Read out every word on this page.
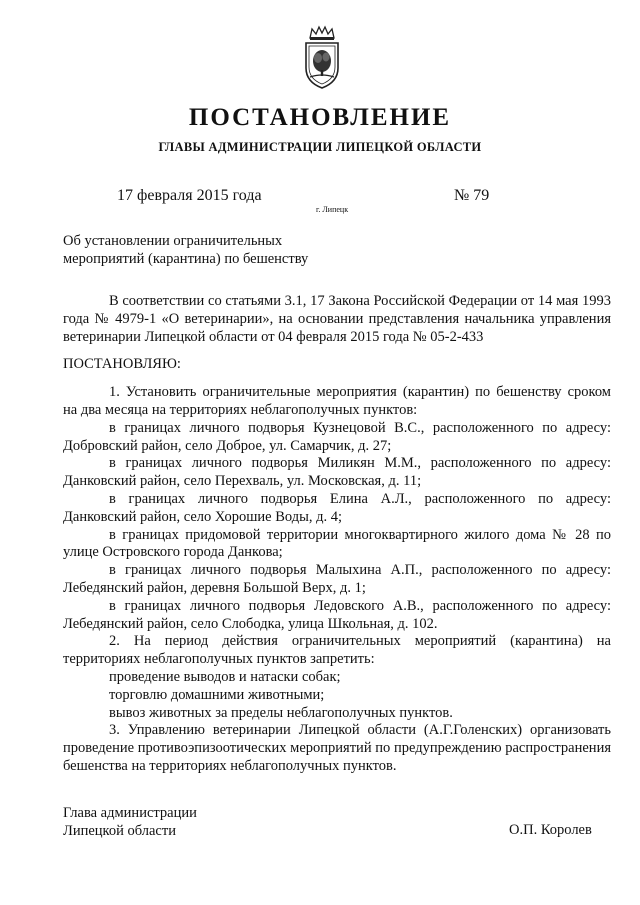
ПОСТАНОВЛЕНИЕ
ГЛАВЫ АДМИНИСТРАЦИИ ЛИПЕЦКОЙ ОБЛАСТИ
17 февраля 2015 года
г. Липецк
№ 79
Об установлении ограничительных
мероприятий (карантина) по бешенству

В соответствии со статьями 3.1, 17 Закона Российской Федерации от 14 мая 1993 года № 4979-1 «О ветеринарии», на основании представления начальника управления ветеринарии Липецкой области от 04 февраля 2015 года № 05-2-433

ПОСТАНОВЛЯЮ:

1. Установить ограничительные мероприятия (карантин) по бешенству сроком на два месяца на территориях неблагополучных пунктов:

в границах личного подворья Кузнецовой В.С., расположенного по адресу: Добровский район, село Доброе, ул. Самарчик, д. 27;

в границах личного подворья Миликян М.М., расположенного по адресу: Данковский район, село Перехваль, ул. Московская, д. 11;

в границах личного подворья Елина А.Л., расположенного по адресу: Данковский район, село Хорошие Воды, д. 4;

в границах придомовой территории многоквартирного жилого дома № 28 по улице Островского города Данкова;

в границах личного подворья Малыхина А.П., расположенного по адресу: Лебедянский район, деревня Большой Верх, д. 1;

в границах личного подворья Ледовского А.В., расположенного по адресу: Лебедянский район, село Слободка, улица Школьная, д. 102.

2. На период действия ограничительных мероприятий (карантина) на территориях неблагополучных пунктов запретить:

проведение выводов и натаски собак;

торговлю домашними животными;

вывоз животных за пределы неблагополучных пунктов.

3. Управлению ветеринарии Липецкой области (А.Г.Голенских) организовать проведение противоэпизоотических мероприятий по предупреждению распространения бешенства на территориях неблагополучных пунктов.

Глава администрации
Липецкой области	О.П. Королев
